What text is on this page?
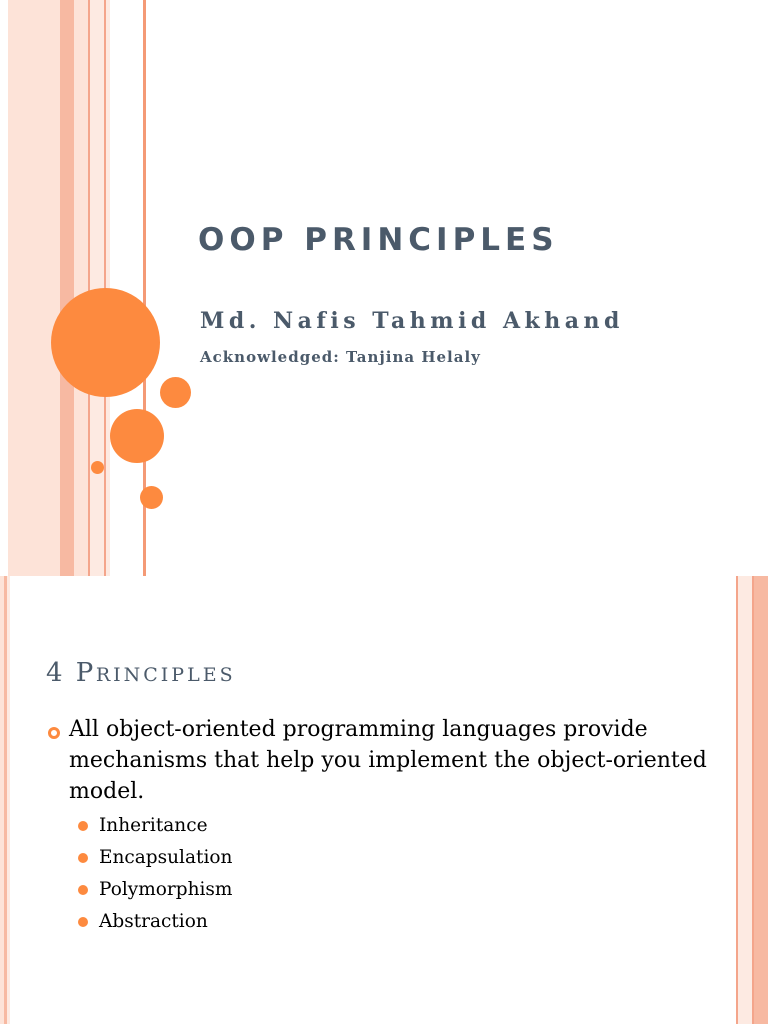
OOP PRINCIPLES
Md. Nafis Tahmid Akhand
Acknowledged: Tanjina Helaly
4 PRINCIPLES
All object-oriented programming languages provide mechanisms that help you implement the object-oriented model.
Inheritance
Encapsulation
Polymorphism
Abstraction
